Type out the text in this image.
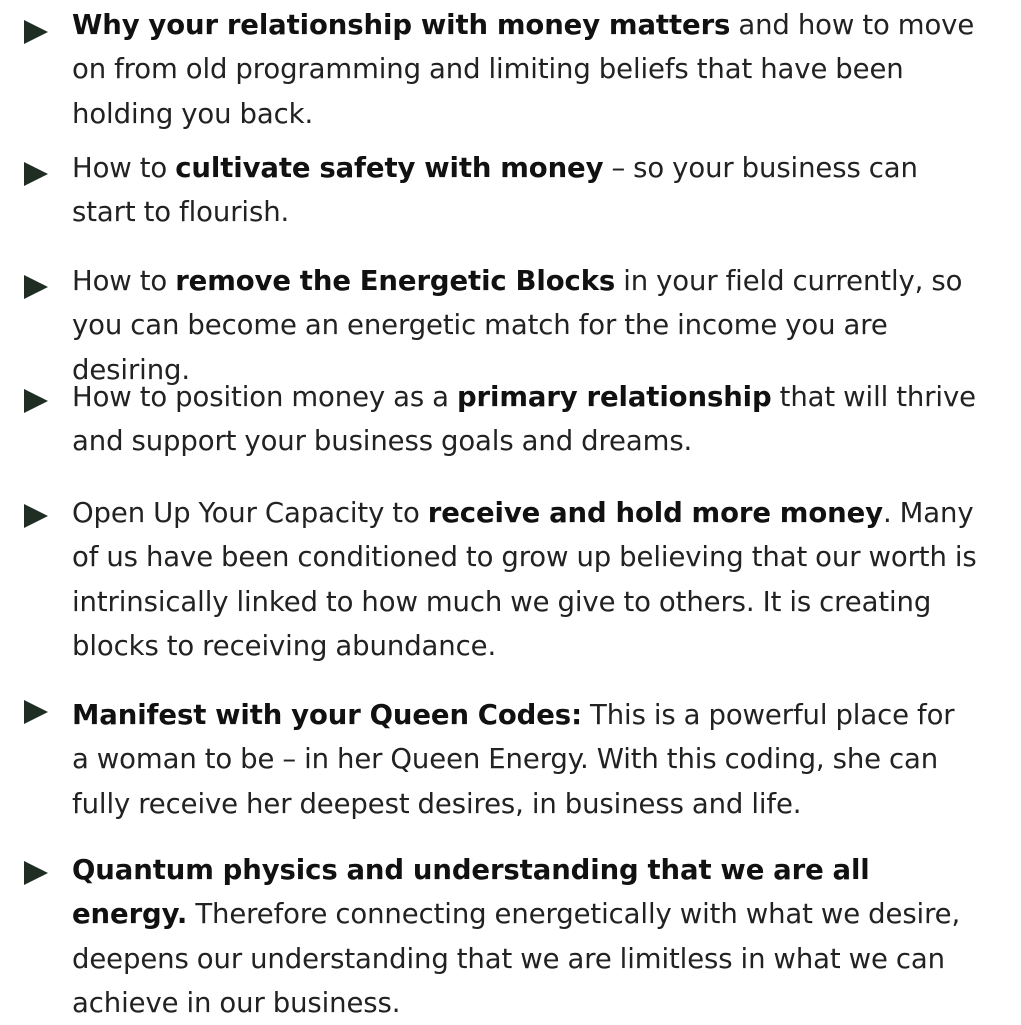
Why your relationship with money matters and how to move on from old programming and limiting beliefs that have been holding you back.
How to cultivate safety with money – so your business can start to flourish.
How to remove the Energetic Blocks in your field currently, so you can become an energetic match for the income you are desiring.
How to position money as a primary relationship that will thrive and support your business goals and dreams.
Open Up Your Capacity to receive and hold more money. Many of us have been conditioned to grow up believing that our worth is intrinsically linked to how much we give to others. It is creating blocks to receiving abundance.
Manifest with your Queen Codes: This is a powerful place for a woman to be – in her Queen Energy. With this coding, she can fully receive her deepest desires, in business and life.
Quantum physics and understanding that we are all energy. Therefore connecting energetically with what we desire, deepens our understanding that we are limitless in what we can achieve in our business.
